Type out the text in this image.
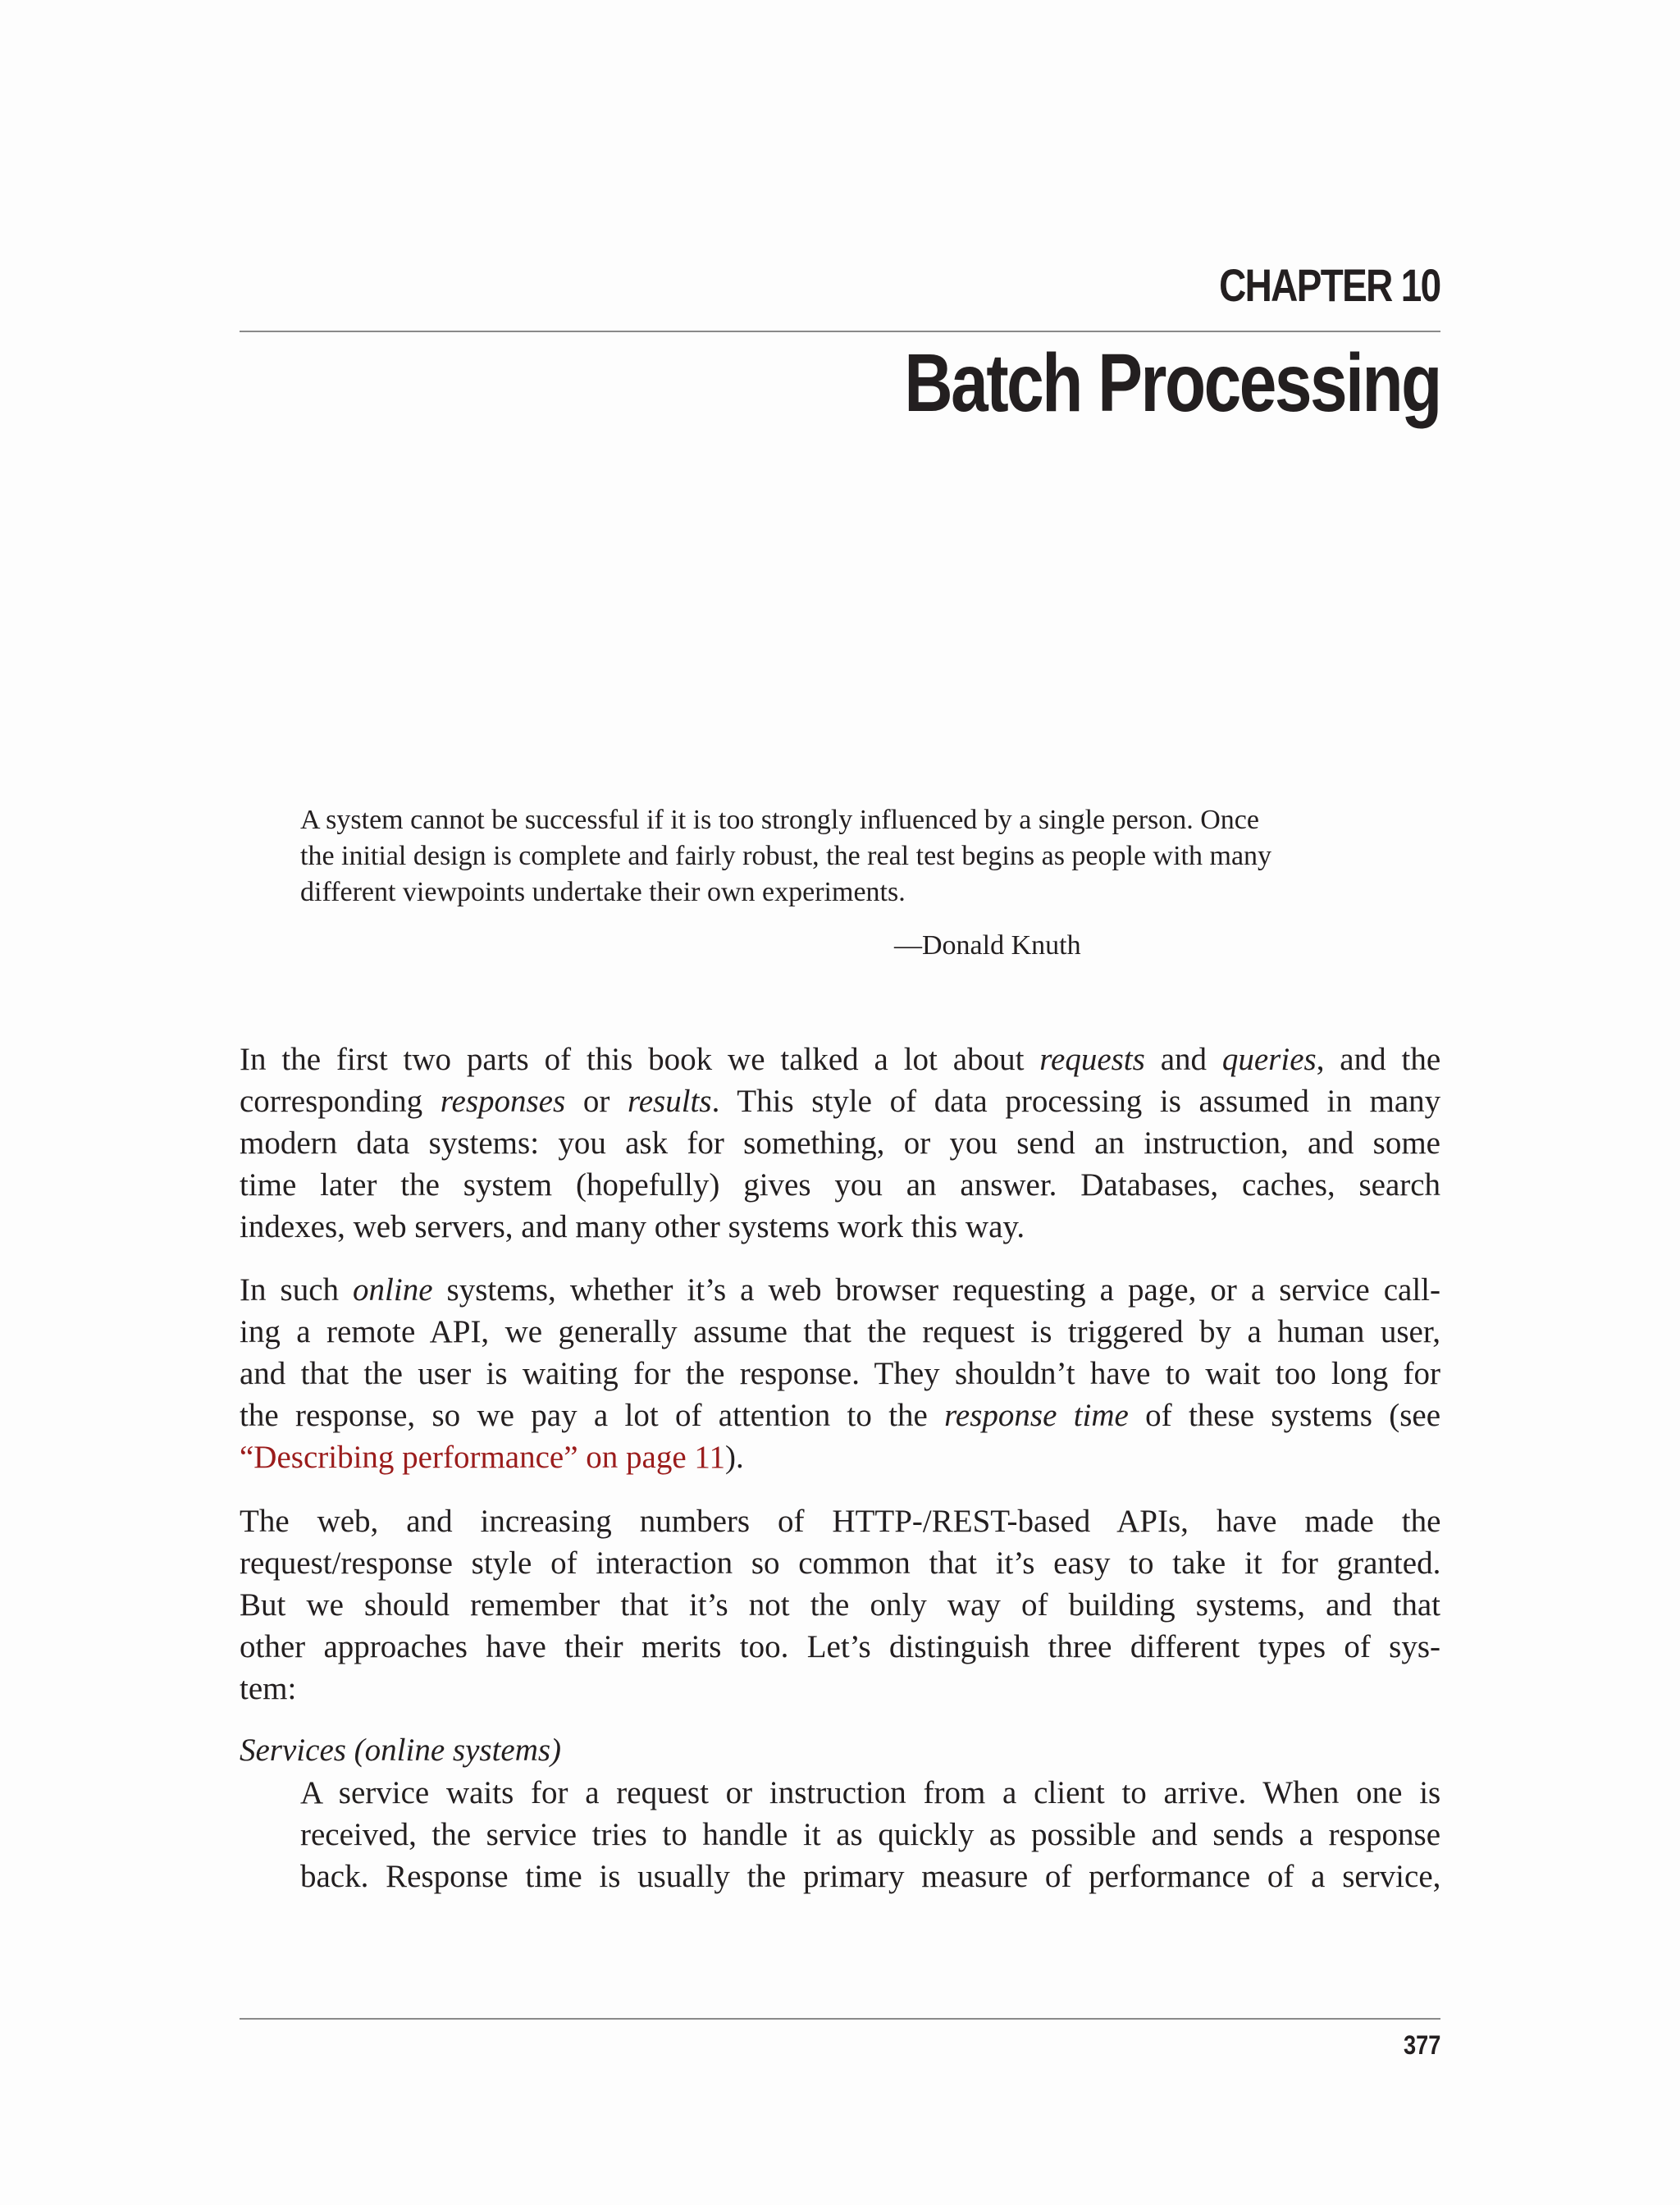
CHAPTER 10
Batch Processing
A system cannot be successful if it is too strongly influenced by a single person. Once
the initial design is complete and fairly robust, the real test begins as people with many
different viewpoints undertake their own experiments.
—Donald Knuth
In the first two parts of this book we talked a lot about requests and queries, and the
corresponding responses or results. This style of data processing is assumed in many
modern data systems: you ask for something, or you send an instruction, and some
time later the system (hopefully) gives you an answer. Databases, caches, search
indexes, web servers, and many other systems work this way.
In such online systems, whether it’s a web browser requesting a page, or a service call-
ing a remote API, we generally assume that the request is triggered by a human user,
and that the user is waiting for the response. They shouldn’t have to wait too long for
the response, so we pay a lot of attention to the response time of these systems (see
“Describing performance” on page 11).
The web, and increasing numbers of HTTP-/REST-based APIs, have made the
request/response style of interaction so common that it’s easy to take it for granted.
But we should remember that it’s not the only way of building systems, and that
other approaches have their merits too. Let’s distinguish three different types of sys-
tem:
Services (online systems)
A service waits for a request or instruction from a client to arrive. When one is
received, the service tries to handle it as quickly as possible and sends a response
back. Response time is usually the primary measure of performance of a service,
377
